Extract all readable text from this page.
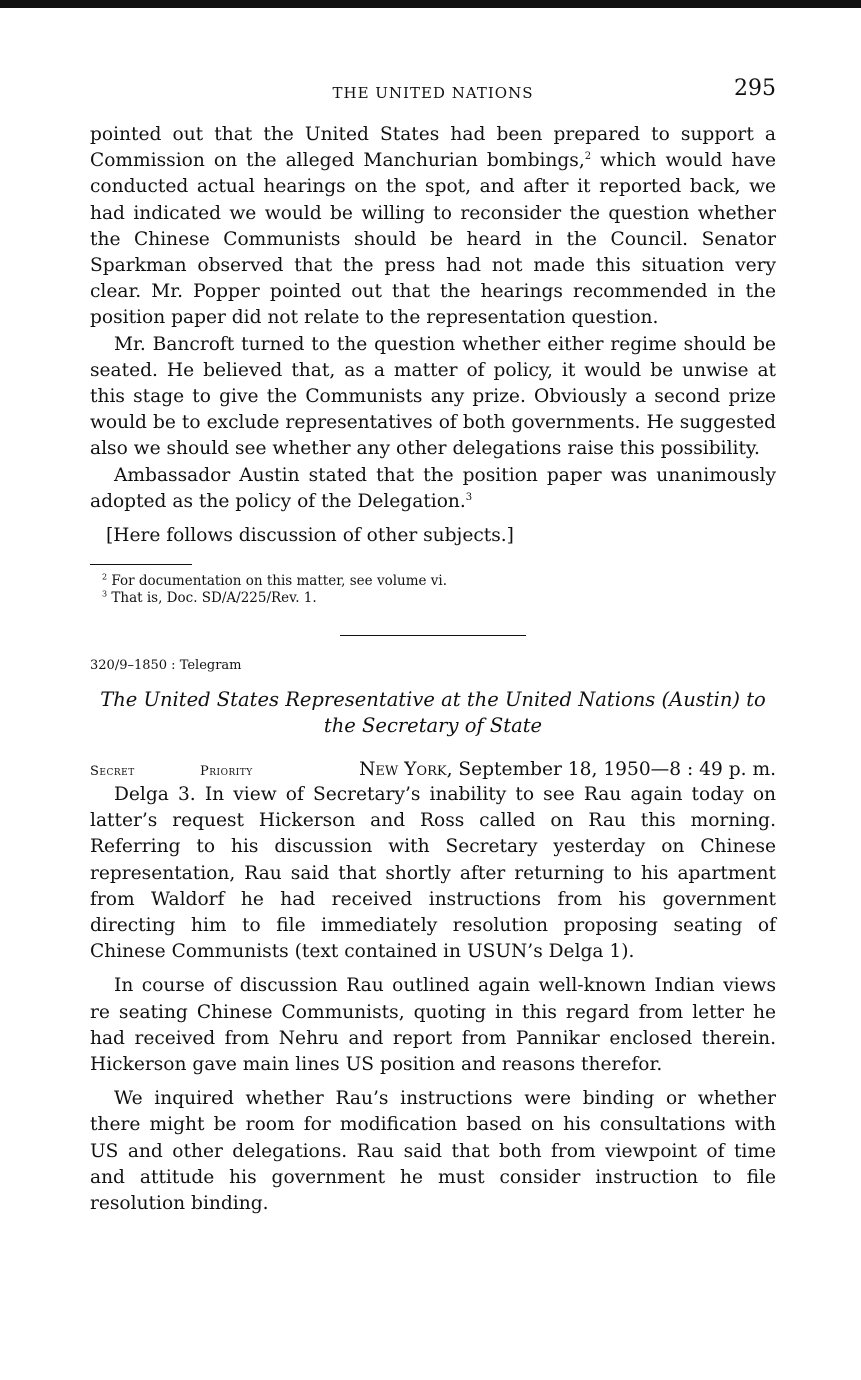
THE UNITED NATIONS	295

pointed out that the United States had been prepared to support a Commission on the alleged Manchurian bombings,$^2$ which would have conducted actual hearings on the spot, and after it reported back, we had indicated we would be willing to reconsider the question whether the Chinese Communists should be heard in the Council. Senator Sparkman observed that the press had not made this situation very clear. Mr. Popper pointed out that the hearings recommended in the position paper did not relate to the representation question.

Mr. Bancroft turned to the question whether either regime should be seated. He believed that, as a matter of policy, it would be unwise at this stage to give the Communists any prize. Obviously a second prize would be to exclude representatives of both governments. He suggested also we should see whether any other delegations raise this possibility.

Ambassador Austin stated that the position paper was unanimously adopted as the policy of the Delegation.$^3$

[Here follows discussion of other subjects.]
$^2$ For documentation on this matter, see volume vi.
$^3$ That is, Doc. SD/A/225/Rev. 1.
320/9–1850 : Telegram
The United States Representative at the United Nations (Austin) to
the Secretary of State
Secret	Priority	New York, September 18, 1950—8 : 49 p. m.

Delga 3. In view of Secretary’s inability to see Rau again today on latter’s request Hickerson and Ross called on Rau this morning. Referring to his discussion with Secretary yesterday on Chinese representation, Rau said that shortly after returning to his apartment from Waldorf he had received instructions from his government directing him to file immediately resolution proposing seating of Chinese Communists (text contained in USUN’s Delga 1).

In course of discussion Rau outlined again well-known Indian views re seating Chinese Communists, quoting in this regard from letter he had received from Nehru and report from Pannikar enclosed therein. Hickerson gave main lines US position and reasons therefor.

We inquired whether Rau’s instructions were binding or whether there might be room for modification based on his consultations with US and other delegations. Rau said that both from viewpoint of time and attitude his government he must consider instruction to file resolution binding.
